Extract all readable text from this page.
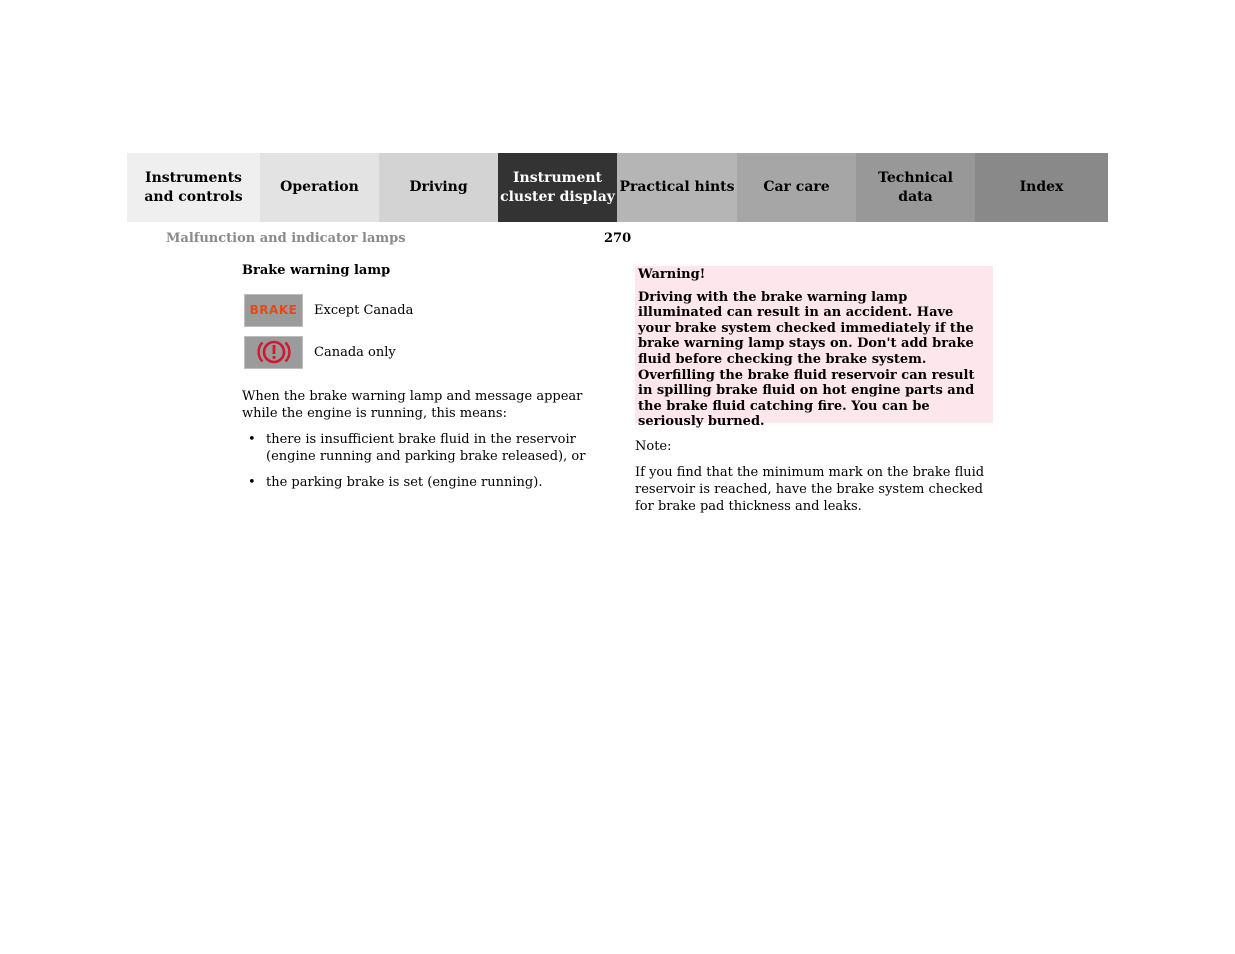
Instruments
and controls
Operation	Driving
Instrument
cluster display
Practical hints	Car care
Technical
data
Index
Malfunction and indicator lamps	270
Brake warning lamp
BRAKE Except Canada
Canada only
When the brake warning lamp and message appear while the engine is running, this means:
• there is insufficient brake fluid in the reservoir (engine running and parking brake released), or
• the parking brake is set (engine running).
Warning!
Driving with the brake warning lamp illuminated can result in an accident. Have your brake system checked immediately if the brake warning lamp stays on. Don't add brake fluid before checking the brake system. Overfilling the brake fluid reservoir can result in spilling brake fluid on hot engine parts and the brake fluid catching fire. You can be seriously burned.
Note:
If you find that the minimum mark on the brake fluid reservoir is reached, have the brake system checked for brake pad thickness and leaks.
